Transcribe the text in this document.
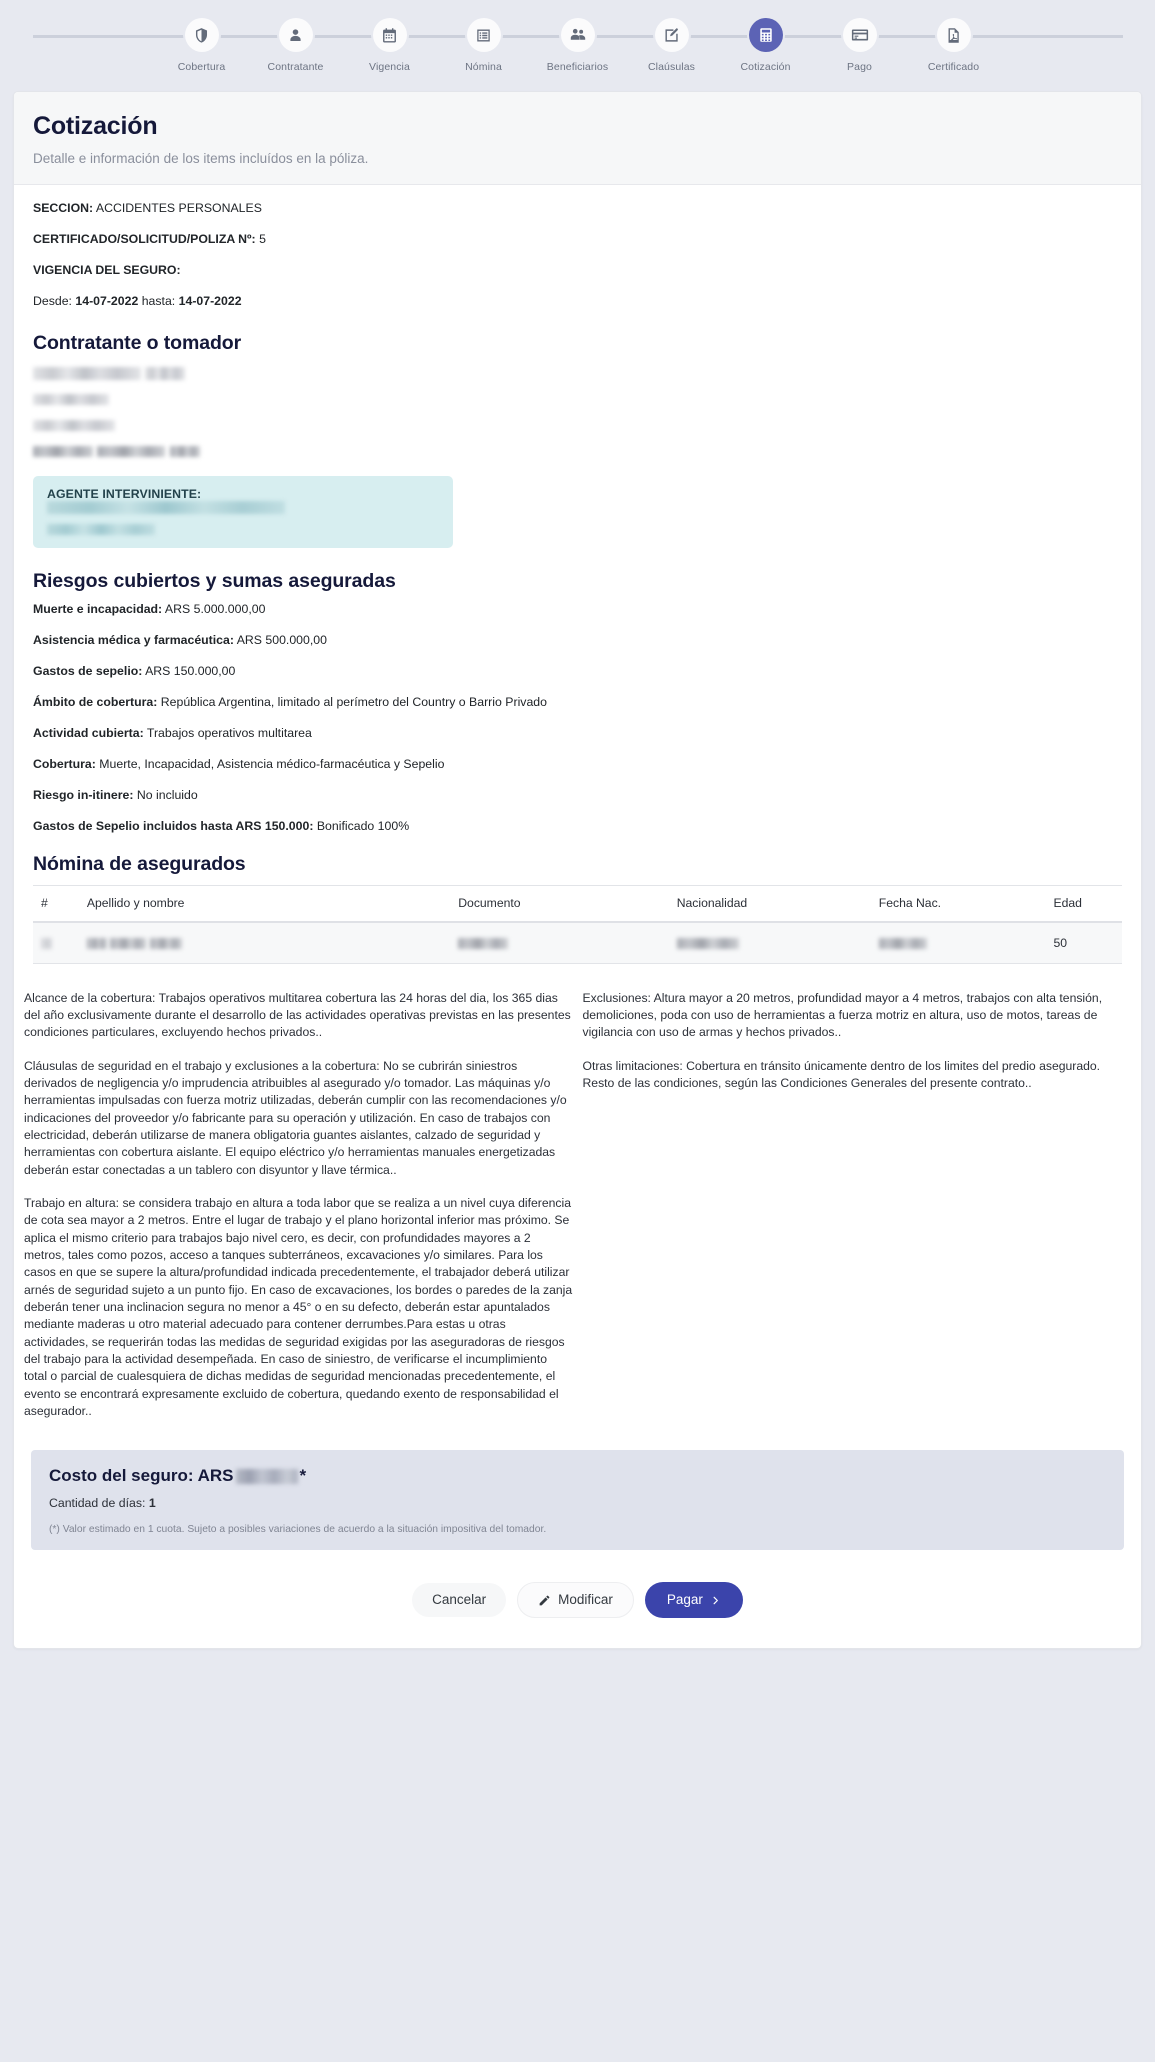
Cobertura	Contratante	Vigencia	Nómina	Beneficiarios	Claúsulas	Cotización	Pago	Certificado
Cotización

Detalle e información de los items incluídos en la póliza.

SECCION: ACCIDENTES PERSONALES

CERTIFICADO/SOLICITUD/POLIZA Nº: 5

VIGENCIA DEL SEGURO:

Desde: 14-07-2022 hasta: 14-07-2022

Contratante o tomador

AGENTE INTERVINIENTE:
Riesgos cubiertos y sumas aseguradas

Muerte e incapacidad: ARS 5.000.000,00

Asistencia médica y farmacéutica: ARS 500.000,00

Gastos de sepelio: ARS 150.000,00

Ámbito de cobertura: República Argentina, limitado al perímetro del Country o Barrio Privado

Actividad cubierta: Trabajos operativos multitarea

Cobertura: Muerte, Incapacidad, Asistencia médico-farmacéutica y Sepelio

Riesgo in-itinere: No incluido

Gastos de Sepelio incluidos hasta ARS 150.000: Bonificado 100%

Nómina de asegurados
#	Apellido y nombre	Documento	Nacionalidad	Fecha Nac.	Edad
					50

Alcance de la cobertura: Trabajos operativos multitarea cobertura las 24 horas del dia, los 365 dias del año exclusivamente durante el desarrollo de las actividades operativas previstas en las presentes condiciones particulares, excluyendo hechos privados..

Cláusulas de seguridad en el trabajo y exclusiones a la cobertura: No se cubrirán siniestros derivados de negligencia y/o imprudencia atribuibles al asegurado y/o tomador. Las máquinas y/o herramientas impulsadas con fuerza motriz utilizadas, deberán cumplir con las recomendaciones y/o indicaciones del proveedor y/o fabricante para su operación y utilización. En caso de trabajos con electricidad, deberán utilizarse de manera obligatoria guantes aislantes, calzado de seguridad y herramientas con cobertura aislante. El equipo eléctrico y/o herramientas manuales energetizadas deberán estar conectadas a un tablero con disyuntor y llave térmica..

Trabajo en altura: se considera trabajo en altura a toda labor que se realiza a un nivel cuya diferencia de cota sea mayor a 2 metros. Entre el lugar de trabajo y el plano horizontal inferior mas próximo. Se aplica el mismo criterio para trabajos bajo nivel cero, es decir, con profundidades mayores a 2 metros, tales como pozos, acceso a tanques subterráneos, excavaciones y/o similares. Para los casos en que se supere la altura/profundidad indicada precedentemente, el trabajador deberá utilizar arnés de seguridad sujeto a un punto fijo. En caso de excavaciones, los bordes o paredes de la zanja deberán tener una inclinacion segura no menor a 45° o en su defecto, deberán estar apuntalados mediante maderas u otro material adecuado para contener derrumbes.Para estas u otras actividades, se requerirán todas las medidas de seguridad exigidas por las aseguradoras de riesgos del trabajo para la actividad desempeñada. En caso de siniestro, de verificarse el incumplimiento total o parcial de cualesquiera de dichas medidas de seguridad mencionadas precedentemente, el evento se encontrará expresamente excluido de cobertura, quedando exento de responsabilidad el asegurador..

Exclusiones: Altura mayor a 20 metros, profundidad mayor a 4 metros, trabajos con alta tensión, demoliciones, poda con uso de herramientas a fuerza motriz en altura, uso de motos, tareas de vigilancia con uso de armas y hechos privados..

Otras limitaciones: Cobertura en tránsito únicamente dentro de los limites del predio asegurado. Resto de las condiciones, según las Condiciones Generales del presente contrato..

Costo del seguro: ARS	*
Cantidad de días: 1
(*) Valor estimado en 1 cuota. Sujeto a posibles variaciones de acuerdo a la situación impositiva del tomador.
Cancelar	Modificar	Pagar
